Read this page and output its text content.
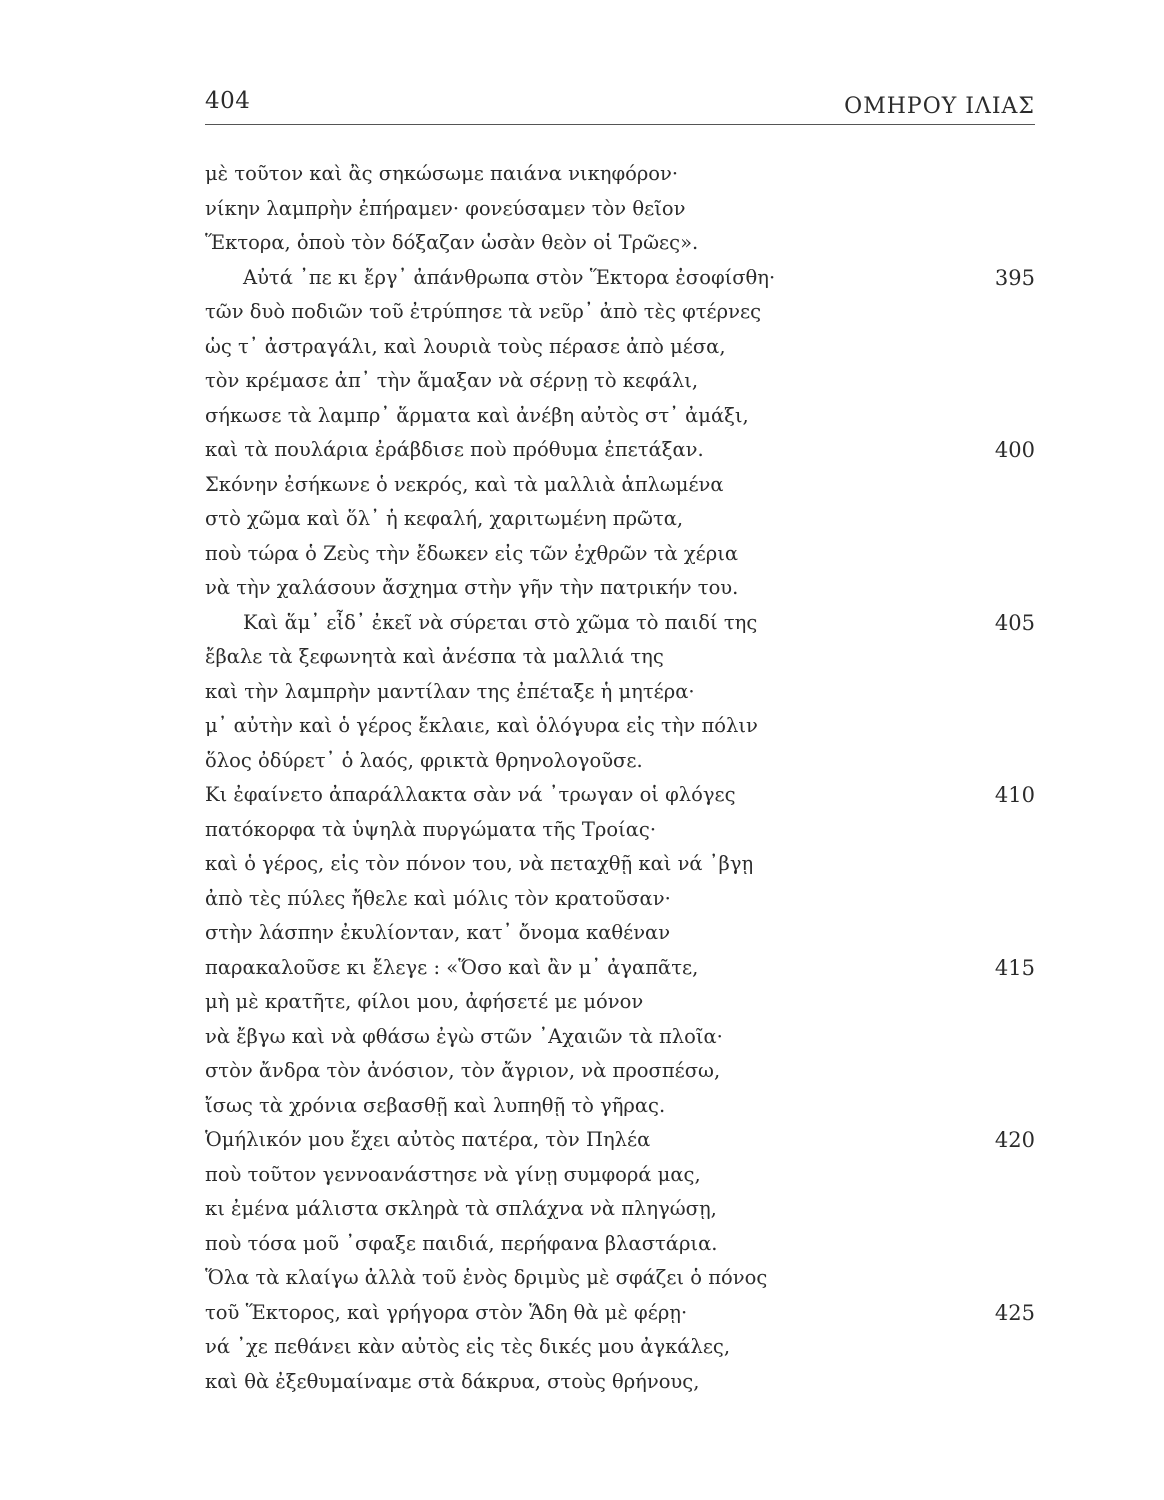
404	ΟΜΗΡΟΥ ΙΛΙΑΣ
μὲ τοῦτον καὶ ἂς σηκώσωμε παιάνα νικηφόρον·
νίκην λαμπρὴν ἐπήραμεν· φονεύσαμεν τὸν θεῖον
Ἕκτορα, ὁποὺ τὸν δόξαζαν ὡσὰν θεὸν οἱ Τρῶες».
Αὐτά ᾿πε κι ἔργ᾿ ἀπάνθρωπα στὸν Ἕκτορα ἐσοφίσθη·	395
τῶν δυὸ ποδιῶν τοῦ ἐτρύπησε τὰ νεῦρ᾿ ἀπὸ τὲς φτέρνες
ὡς τ᾿ ἀστραγάλι, καὶ λουριὰ τοὺς πέρασε ἀπὸ μέσα,
τὸν κρέμασε ἀπ᾿ τὴν ἅμαξαν νὰ σέρνῃ τὸ κεφάλι,
σήκωσε τὰ λαμπρ᾿ ἅρματα καὶ ἀνέβη αὐτὸς στ᾿ ἀμάξι,
καὶ τὰ πουλάρια ἐράβδισε ποὺ πρόθυμα ἐπετάξαν.	400
Σκόνην ἐσήκωνε ὁ νεκρός, καὶ τὰ μαλλιὰ ἁπλωμένα
στὸ χῶμα καὶ ὅλ᾿ ἡ κεφαλή, χαριτωμένη πρῶτα,
ποὺ τώρα ὁ Ζεὺς τὴν ἔδωκεν εἰς τῶν ἐχθρῶν τὰ χέρια
νὰ τὴν χαλάσουν ἄσχημα στὴν γῆν τὴν πατρικήν του.
Καὶ ἅμ᾿ εἶδ᾿ ἐκεῖ νὰ σύρεται στὸ χῶμα τὸ παιδί της	405
ἔβαλε τὰ ξεφωνητὰ καὶ ἀνέσπα τὰ μαλλιά της
καὶ τὴν λαμπρὴν μαντίλαν της ἐπέταξε ἡ μητέρα·
μ᾿ αὐτὴν καὶ ὁ γέρος ἔκλαιε, καὶ ὁλόγυρα εἰς τὴν πόλιν
ὅλος ὀδύρετ᾿ ὁ λαός, φρικτὰ θρηνολογοῦσε.
Κι ἐφαίνετο ἀπαράλλακτα σὰν νά ᾿τρωγαν οἱ φλόγες	410
πατόκορφα τὰ ὑψηλὰ πυργώματα τῆς Τροίας·
καὶ ὁ γέρος, εἰς τὸν πόνον του, νὰ πεταχθῇ καὶ νά ᾿βγῃ
ἀπὸ τὲς πύλες ἤθελε καὶ μόλις τὸν κρατοῦσαν·
στὴν λάσπην ἐκυλίονταν, κατ᾿ ὄνομα καθέναν
παρακαλοῦσε κι ἔλεγε : «Ὅσο καὶ ἂν μ᾿ ἀγαπᾶτε,	415
μὴ μὲ κρατῆτε, φίλοι μου, ἀφήσετέ με μόνον
νὰ ἔβγω καὶ νὰ φθάσω ἐγὼ στῶν ᾿Αχαιῶν τὰ πλοῖα·
στὸν ἄνδρα τὸν ἀνόσιον, τὸν ἄγριον, νὰ προσπέσω,
ἴσως τὰ χρόνια σεβασθῇ καὶ λυπηθῇ τὸ γῆρας.
Ὁμήλικόν μου ἔχει αὐτὸς πατέρα, τὸν Πηλέα	420
ποὺ τοῦτον γεννοανάστησε νὰ γίνῃ συμφορά μας,
κι ἐμένα μάλιστα σκληρὰ τὰ σπλάχνα νὰ πληγώσῃ,
ποὺ τόσα μοῦ ᾿σφαξε παιδιά, περήφανα βλαστάρια.
Ὅλα τὰ κλαίγω ἀλλὰ τοῦ ἑνὸς δριμὺς μὲ σφάζει ὁ πόνος
τοῦ Ἕκτορος, καὶ γρήγορα στὸν Ἅδη θὰ μὲ φέρῃ·	425
νά ᾿χε πεθάνει κὰν αὐτὸς εἰς τὲς δικές μου ἀγκάλες,
καὶ θὰ ἐξεθυμαίναμε στὰ δάκρυα, στοὺς θρήνους,
